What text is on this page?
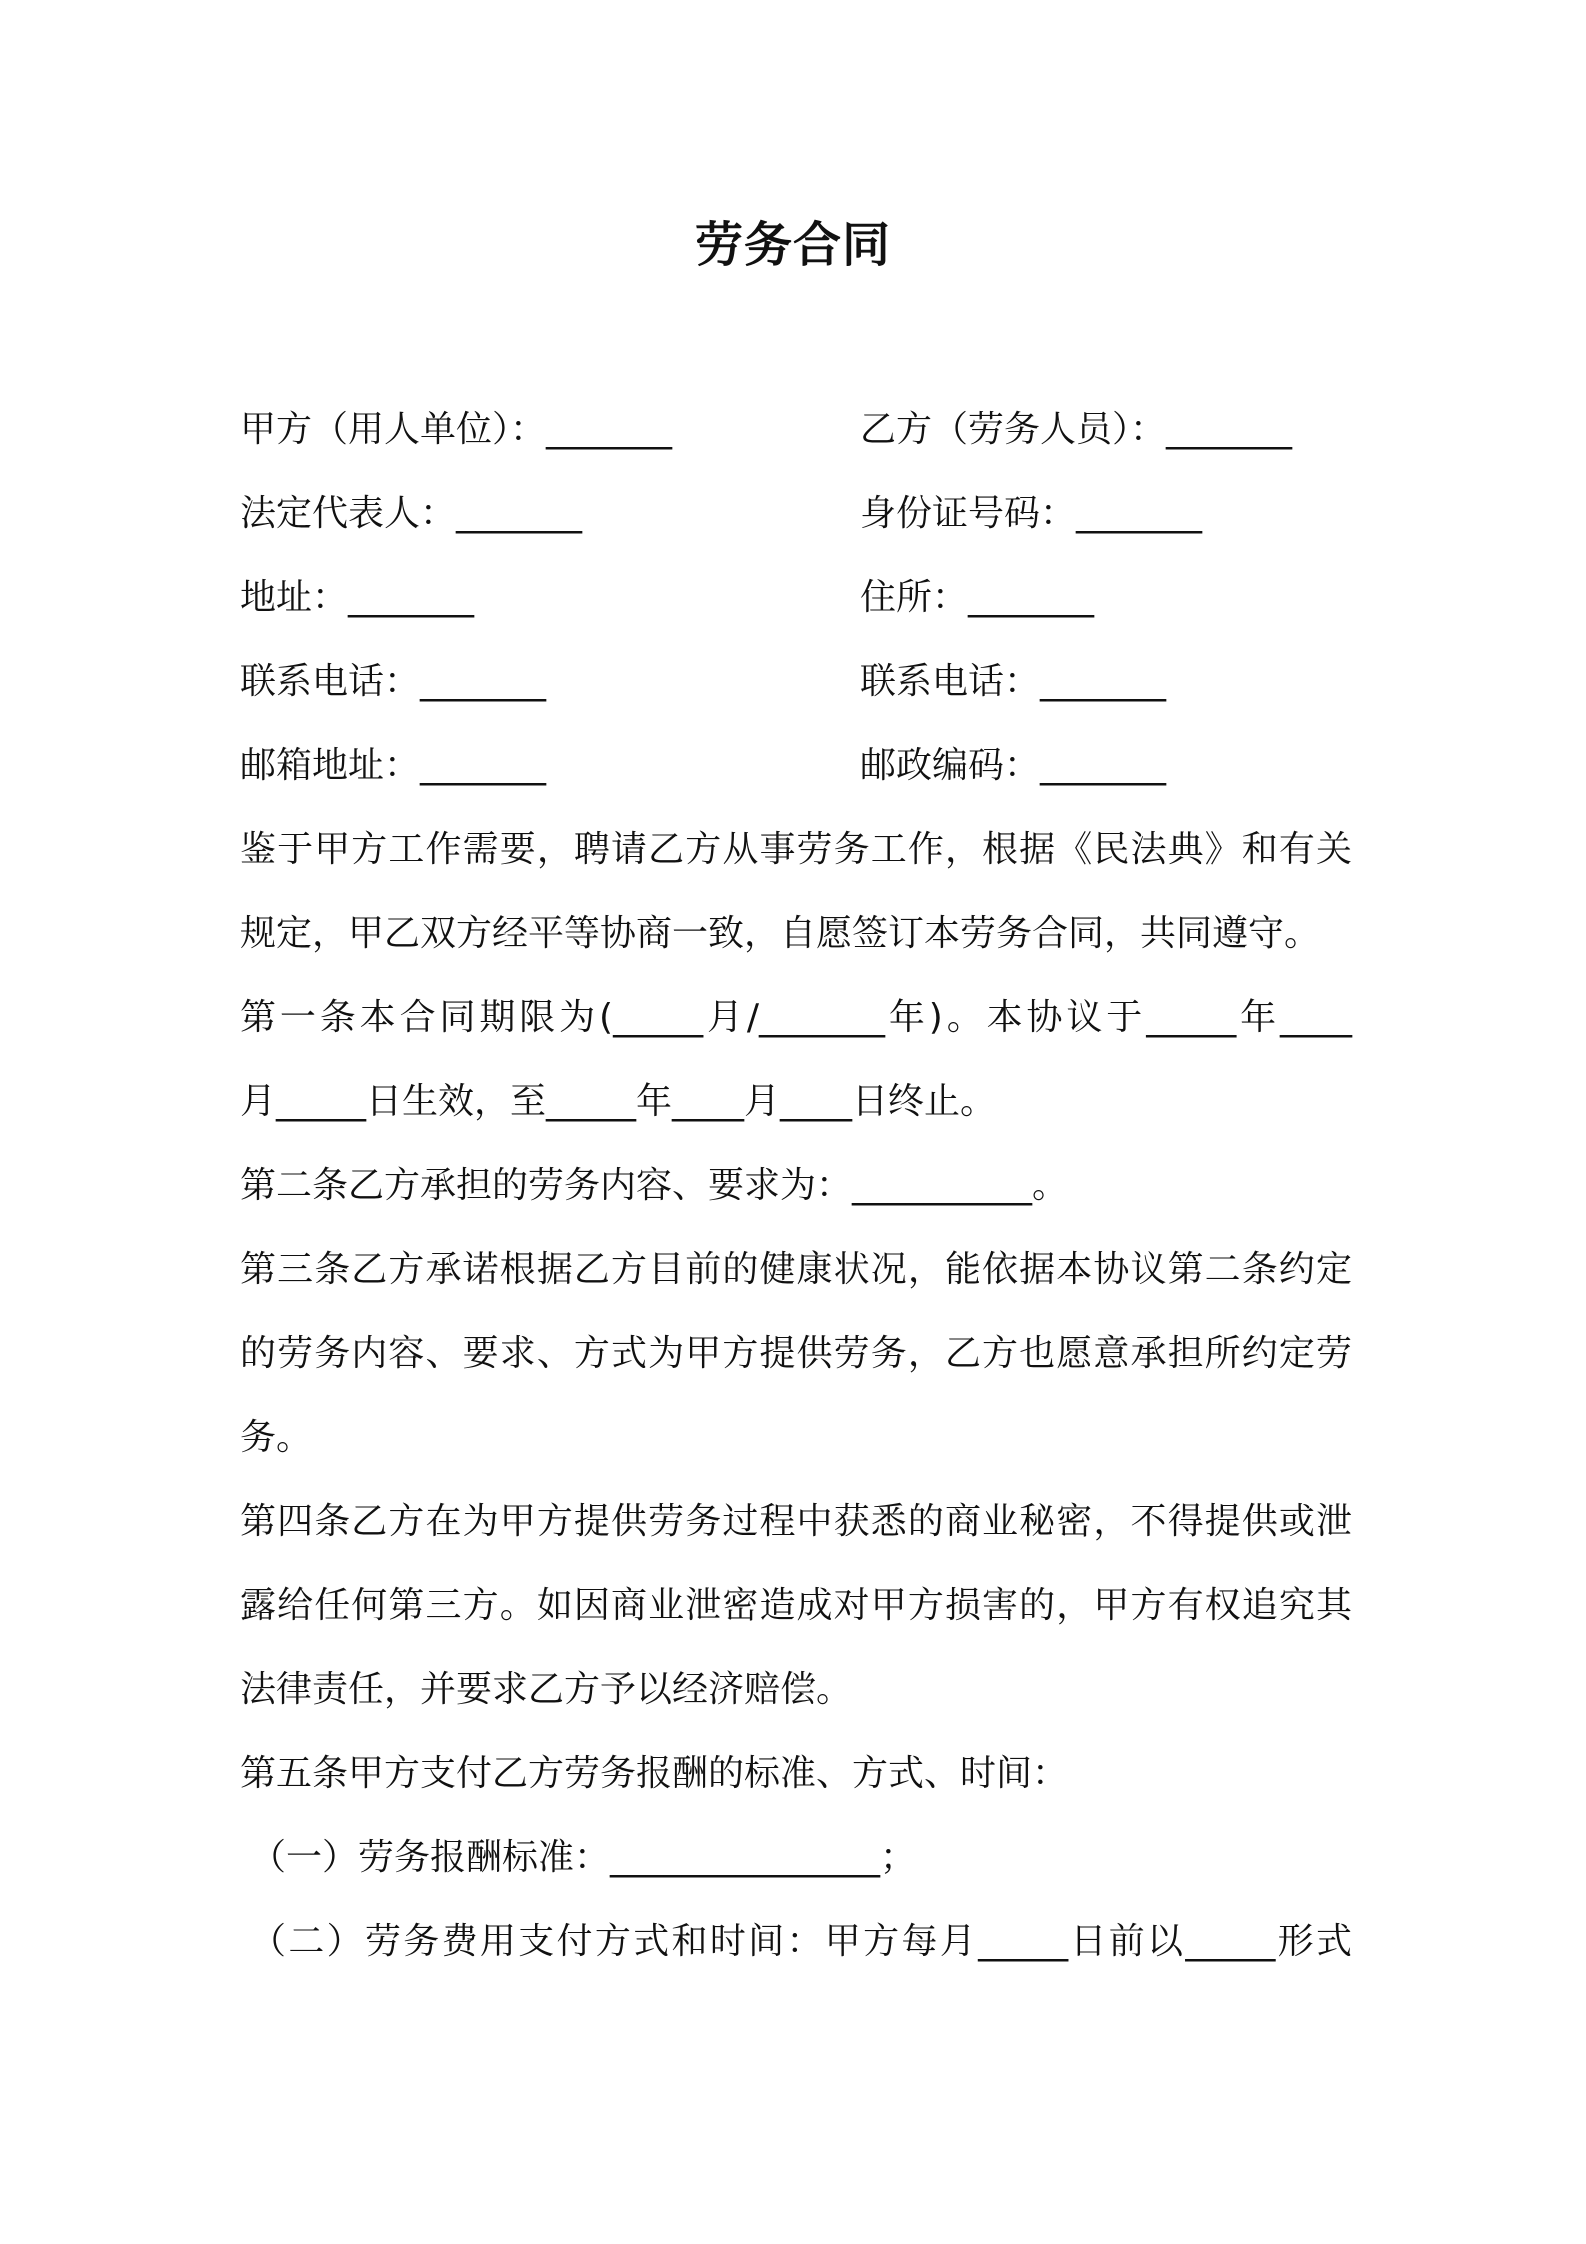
劳务合同
甲方（用人单位）：_______	乙方（劳务人员）：_______
法定代表人：_______	身份证号码：_______
地址：_______	住所：_______
联系电话：_______	联系电话：_______
邮箱地址：_______	邮政编码：_______
鉴于甲方工作需要，聘请乙方从事劳务工作，根据《民法典》和有关
规定，甲乙双方经平等协商一致，自愿签订本劳务合同，共同遵守。
第一条本合同期限为(_____月/_______年)。本协议于_____年____
月_____日生效，至_____年____月____日终止。
第二条乙方承担的劳务内容、要求为：__________。
第三条乙方承诺根据乙方目前的健康状况，能依据本协议第二条约定
的劳务内容、要求、方式为甲方提供劳务，乙方也愿意承担所约定劳
务。
第四条乙方在为甲方提供劳务过程中获悉的商业秘密，不得提供或泄
露给任何第三方。如因商业泄密造成对甲方损害的，甲方有权追究其
法律责任，并要求乙方予以经济赔偿。
第五条甲方支付乙方劳务报酬的标准、方式、时间：
（一）劳务报酬标准：_______________；
（二）劳务费用支付方式和时间：甲方每月_____日前以_____形式
